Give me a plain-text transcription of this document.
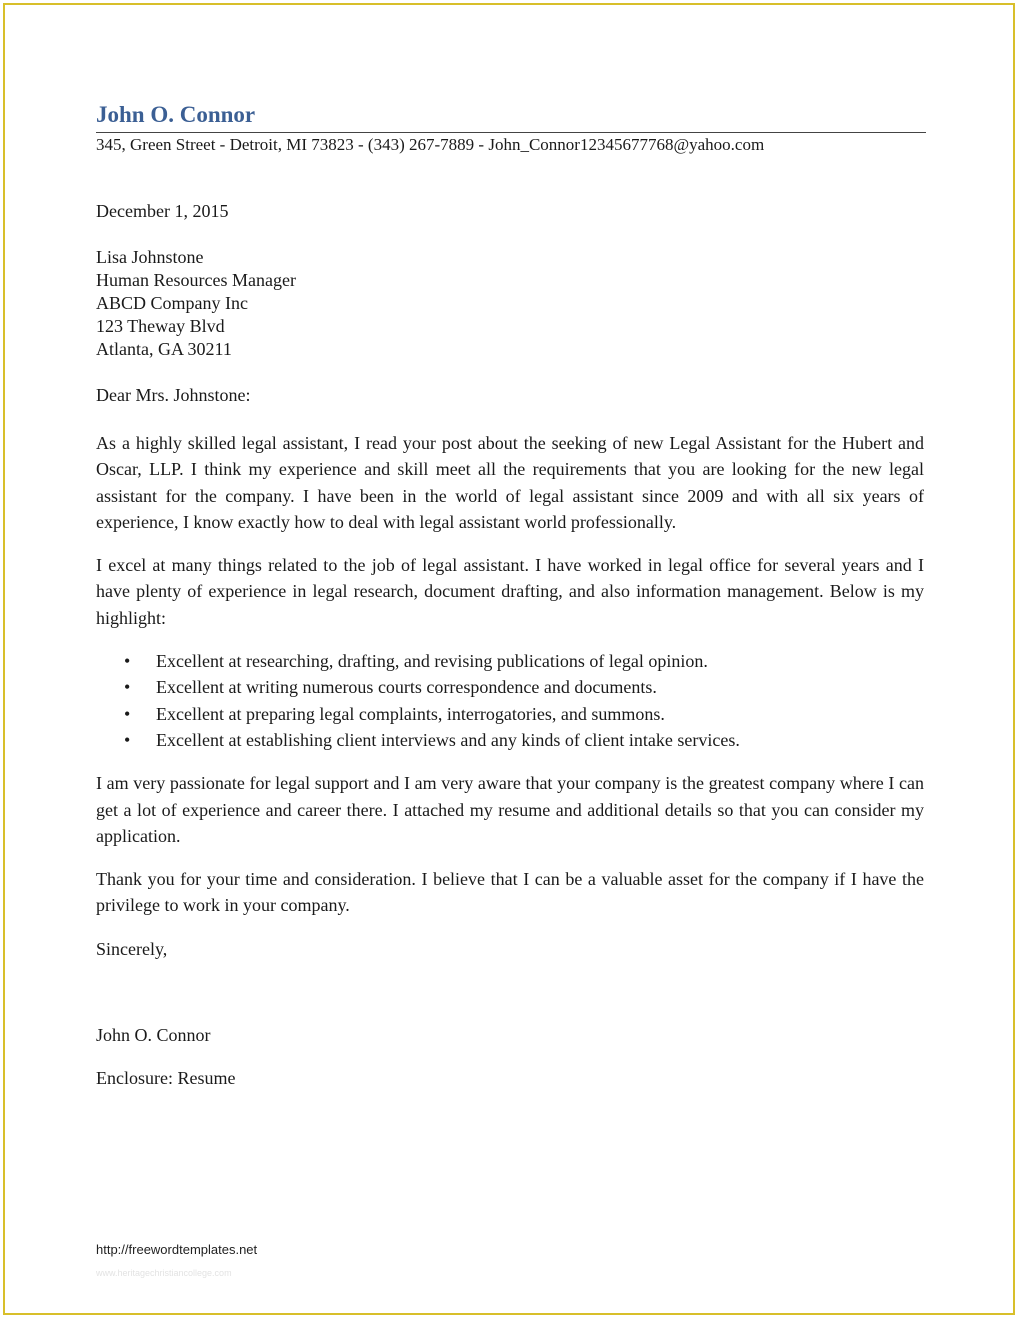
John O. Connor
345, Green Street - Detroit, MI 73823 - (343) 267-7889 - John_Connor12345677768@yahoo.com
December 1, 2015
Lisa Johnstone
Human Resources Manager
ABCD Company Inc
123 Theway Blvd
Atlanta, GA 30211
Dear Mrs. Johnstone:

As a highly skilled legal assistant, I read your post about the seeking of new Legal Assistant for the Hubert and Oscar, LLP. I think my experience and skill meet all the requirements that you are looking for the new legal assistant for the company. I have been in the world of legal assistant since 2009 and with all six years of experience, I know exactly how to deal with legal assistant world professionally.

I excel at many things related to the job of legal assistant. I have worked in legal office for several years and I have plenty of experience in legal research, document drafting, and also information management. Below is my highlight:

• Excellent at researching, drafting, and revising publications of legal opinion.
• Excellent at writing numerous courts correspondence and documents.
• Excellent at preparing legal complaints, interrogatories, and summons.
• Excellent at establishing client interviews and any kinds of client intake services.

I am very passionate for legal support and I am very aware that your company is the greatest company where I can get a lot of experience and career there. I attached my resume and additional details so that you can consider my application.

Thank you for your time and consideration. I believe that I can be a valuable asset for the company if I have the privilege to work in your company.

Sincerely,

John O. Connor

Enclosure: Resume

http://freewordtemplates.net
www.heritagechristiancollege.com
